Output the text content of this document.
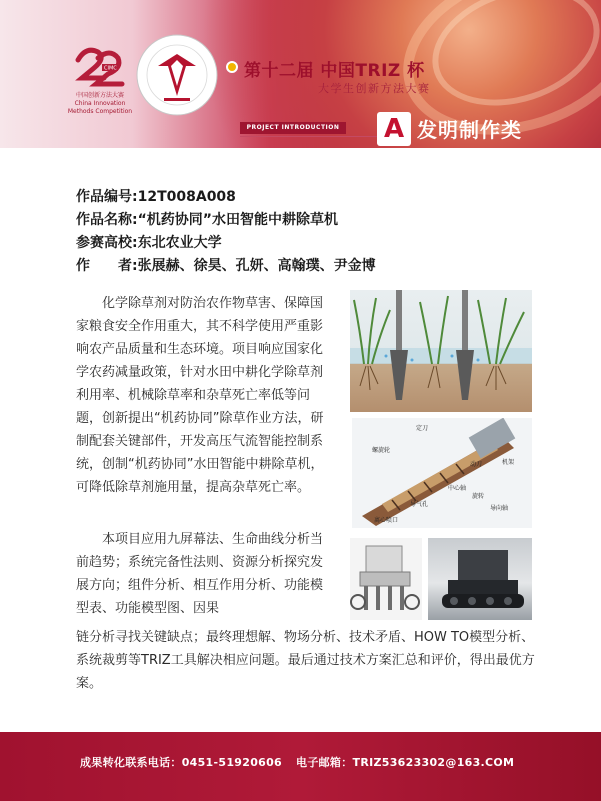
CIMC
中国创新方法大赛
China Innovation
Methods Competition
第十二届 中国TRIZ 杯
大学生创新方法大赛
PROJECT INTRODUCTION A 发明制作类
作品编号:12T008A008
作品名称:“机药协同”水田智能中耕除草机
参赛高校:东北农业大学
作　　者:张展赫、徐昊、孔妍、高翰璞、尹金博

化学除草剂对防治农作物草害、保障国家粮食安全作用重大，其不科学使用严重影响农产品质量和生态环境。项目响应国家化学农药减量政策，针对水田中耕化学除草剂利用率、机械除草率和杂草死亡率低等问题，创新提出“机药协同”除草作业方法，研制配套关键部件，开发高压气流智能控制系统，创制“机药协同”水田智能中耕除草机，可降低除草剂施用量，提高杂草死亡率。

本项目应用九屏幕法、生命曲线分析当前趋势；系统完备性法则、资源分析探究发展方向；组件分析、相互作用分析、功能模型表、功能模型图、因果

链分析寻找关键缺点；最终理想解、物场分析、技术矛盾、HOW TO模型分析、系统裁剪等TRIZ工具解决相应问题。最后通过技术方案汇总和评价，得出最优方案。

定刀
螺旋轮
动刀
中心轴
机架
导气孔
旋转
导向轴
离心喷口
成果转化联系电话：0451-51920606 电子邮箱：TRIZ53623302@163.COM
